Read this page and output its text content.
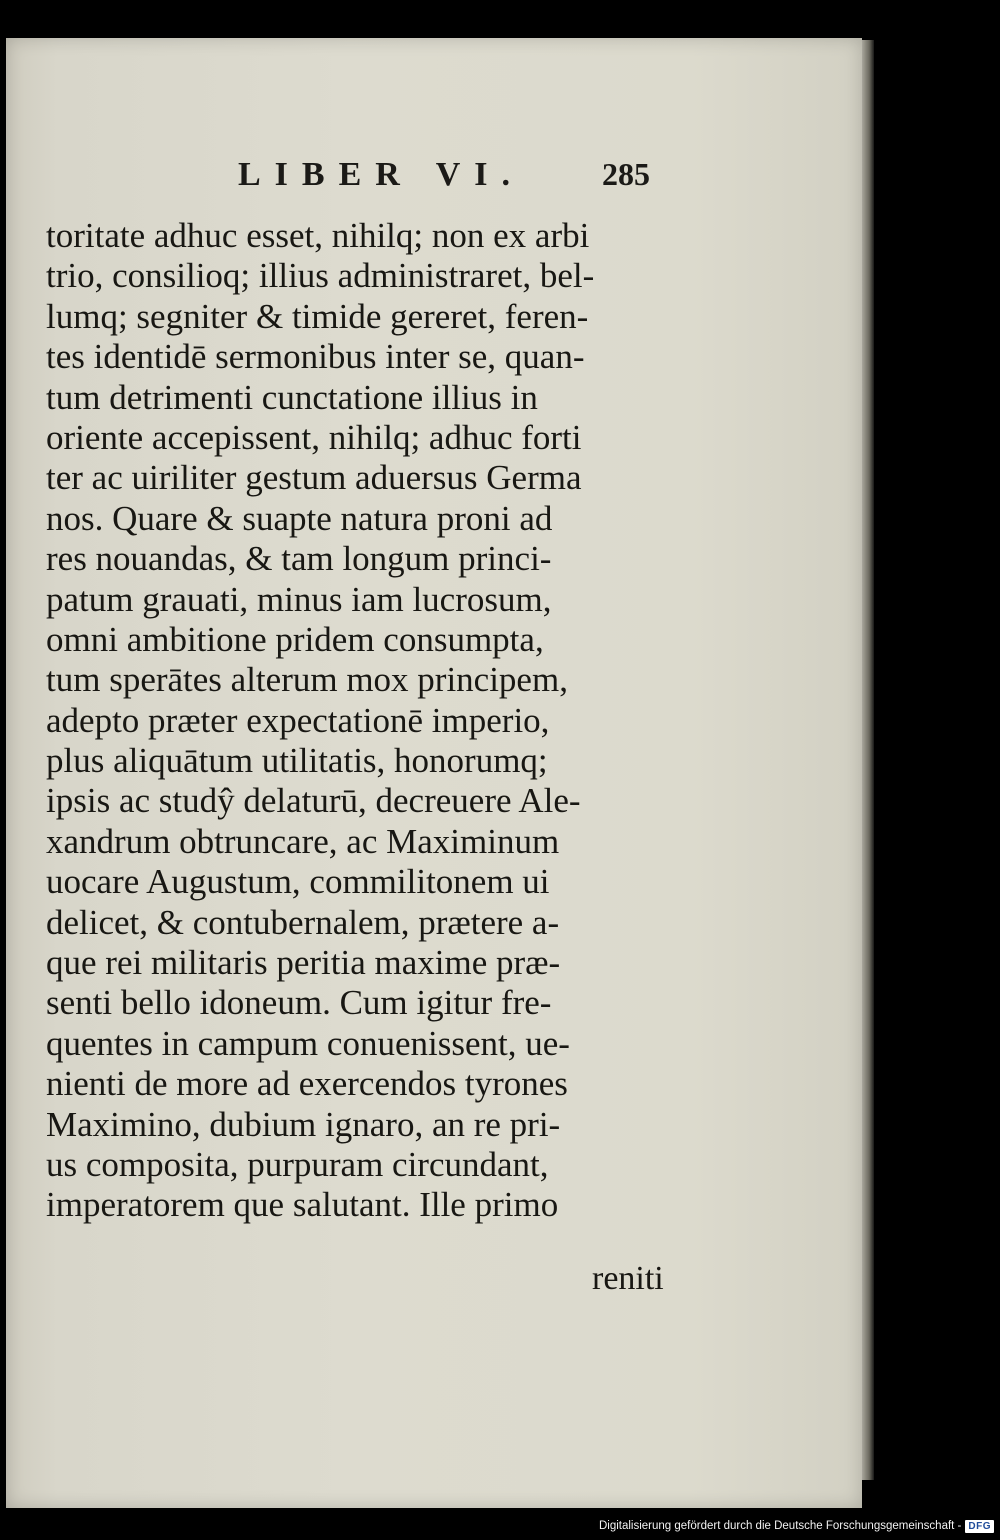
LIBER VI. 285
toritate adhuc esset, nihilq; non ex arbi
trio, consilioq; illius administraret, bel-
lumq; segniter & timide gereret, feren-
tes identidē sermonibus inter se, quan-
tum detrimenti cunctatione illius in
oriente accepissent, nihilq; adhuc forti
ter ac uiriliter gestum aduersus Germa
nos. Quare & suapte natura proni ad
res nouandas, & tam longum princi-
patum grauati, minus iam lucrosum,
omni ambitione pridem consumpta,
tum sperātes alterum mox principem,
adepto præter expectationē imperio,
plus aliquātum utilitatis, honorumq;
ipsis ac studŷ delaturū, decreuere Ale-
xandrum obtruncare, ac Maximinum
uocare Augustum, commilitonem ui
delicet, & contubernalem, prætere a-
que rei militaris peritia maxime præ-
senti bello idoneum. Cum igitur fre-
quentes in campum conuenissent, ue-
nienti de more ad exercendos tyrones
Maximino, dubium ignaro, an re pri-
us composita, purpuram circundant,
imperatorem que salutant. Ille primo
reniti
Digitalisierung gefördert durch die Deutsche Forschungsgemeinschaft - DFG
